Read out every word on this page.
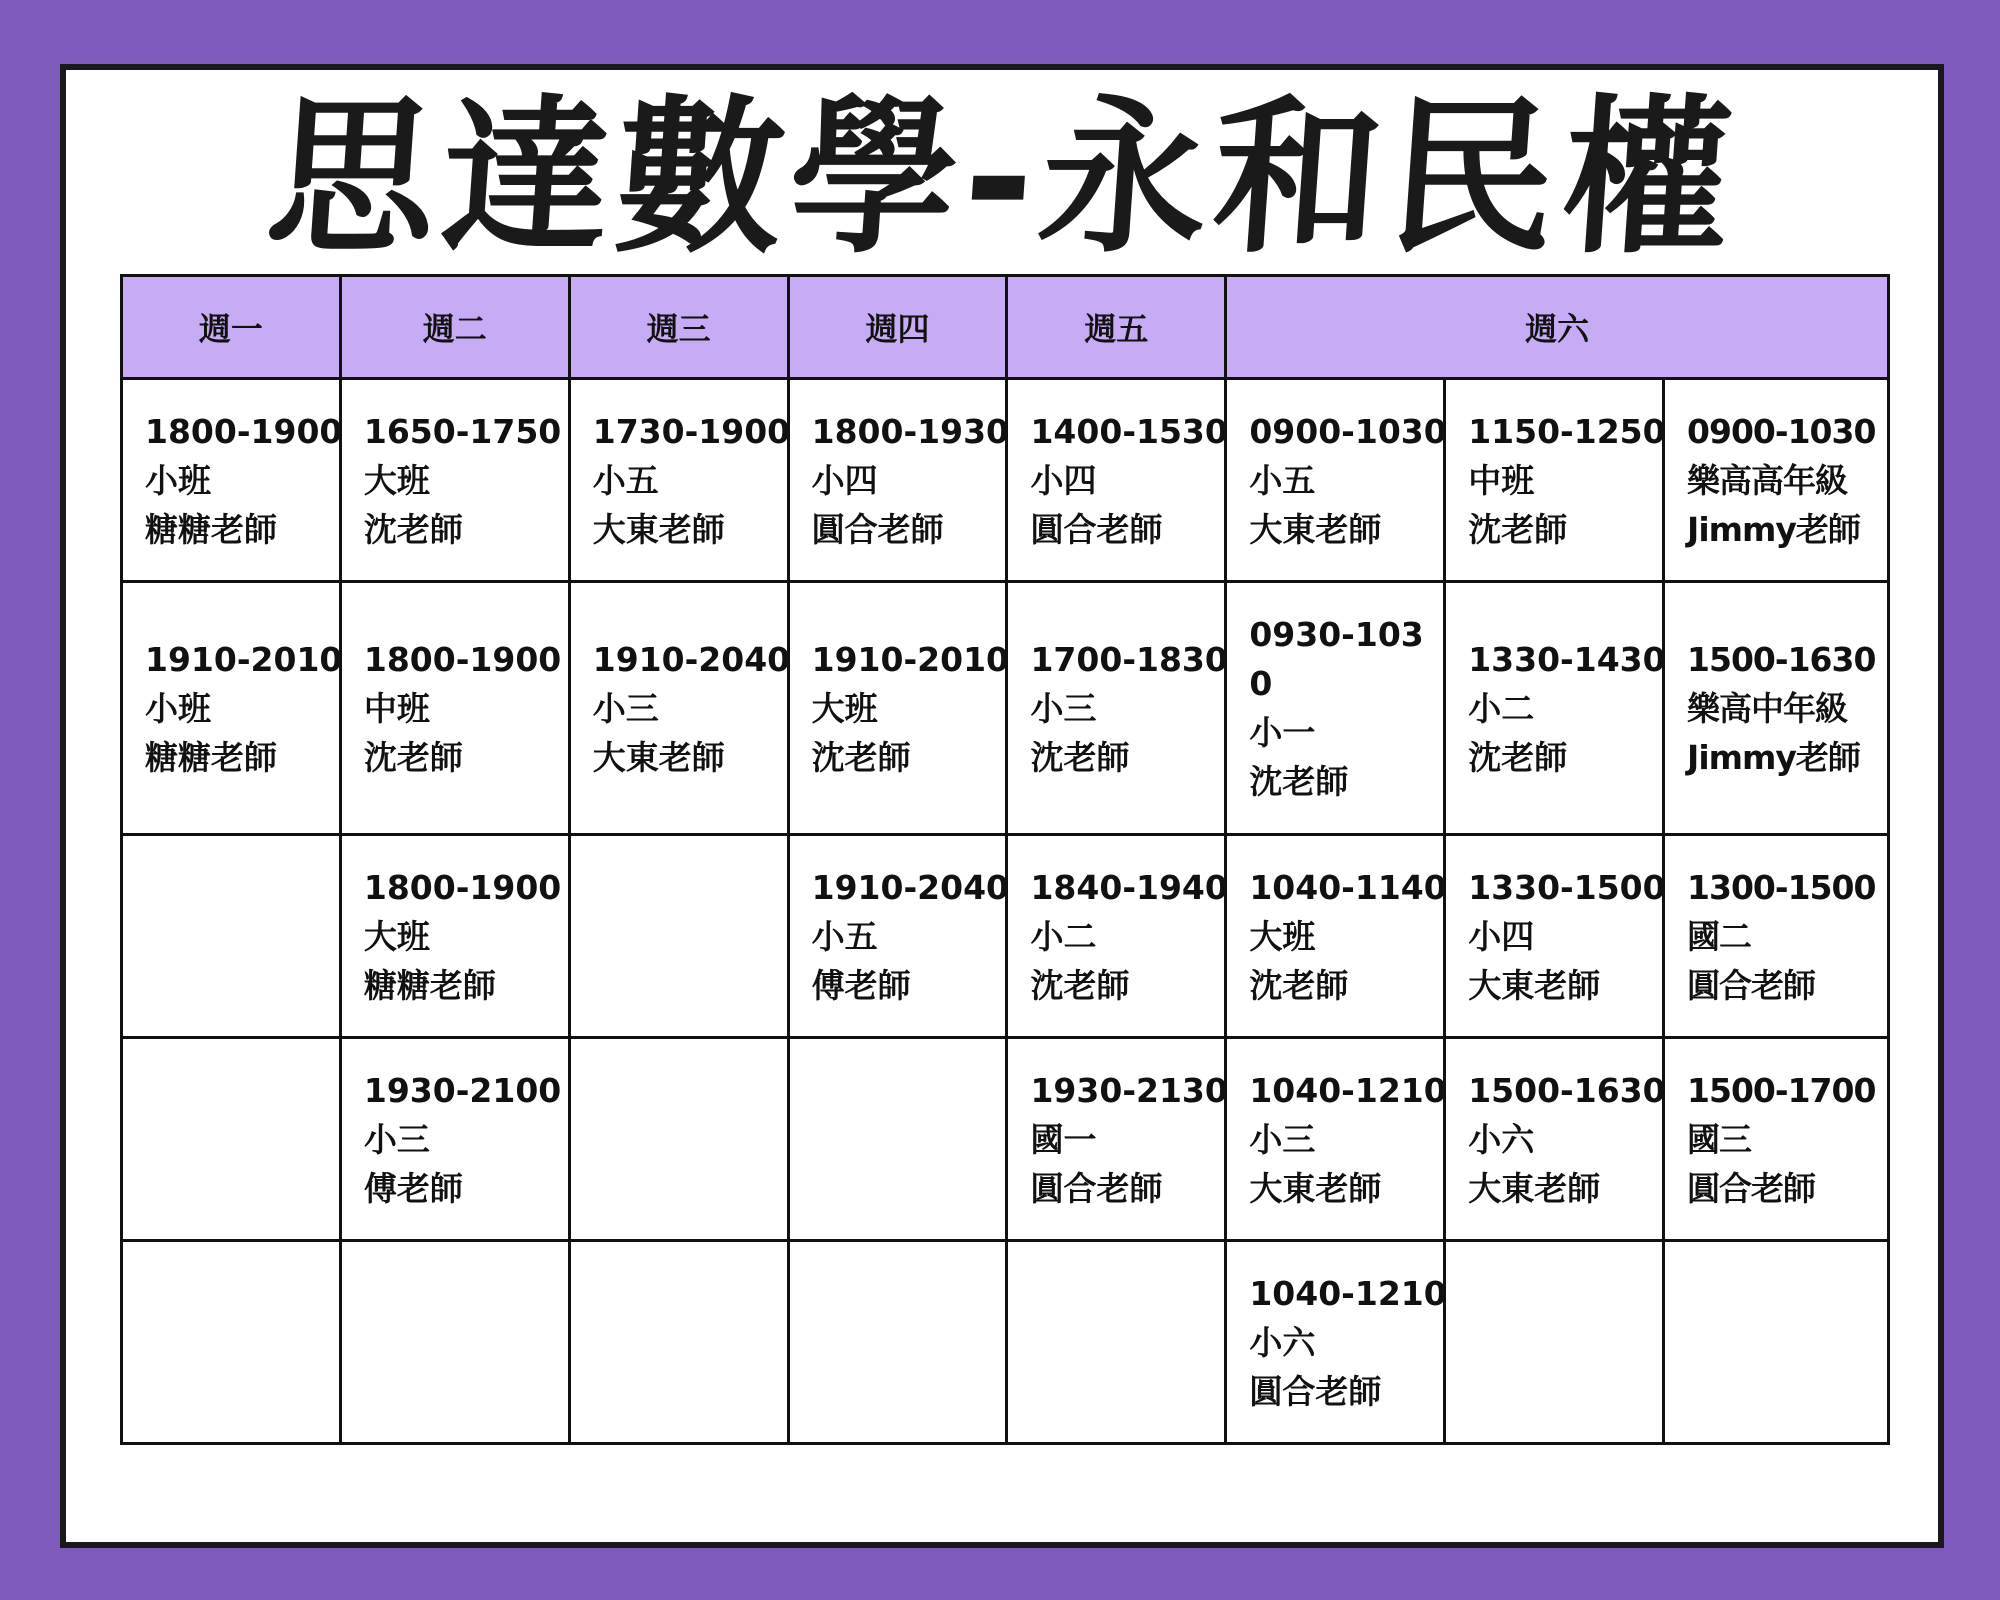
思達數學-永和民權
週一	週二	週三	週四	週五	週六		

1800-1900
小班
糖糖老師	1650-1750
大班
沈老師	1730-1900
小五
大東老師	1800-1930
小四
圓合老師	1400-1530
小四
圓合老師	0900-1030
小五
大東老師	1150-1250
中班
沈老師	0900-1030
樂高高年級
Jimmy老師

1910-2010
小班
糖糖老師	1800-1900
中班
沈老師	1910-2040
小三
大東老師	1910-2010
大班
沈老師	1700-1830
小三
沈老師	0930-1030
小一
沈老師	1330-1430
小二
沈老師	1500-1630
樂高中年級
Jimmy老師

	1800-1900
大班
糖糖老師		1910-2040
小五
傅老師	1840-1940
小二
沈老師	1040-1140
大班
沈老師	1330-1500
小四
大東老師	1300-1500
國二
圓合老師

	1930-2100
小三
傅老師			1930-2130
國一
圓合老師	1040-1210
小三
大東老師	1500-1630
小六
大東老師	1500-1700
國三
圓合老師

					1040-1210
小六
圓合老師		
